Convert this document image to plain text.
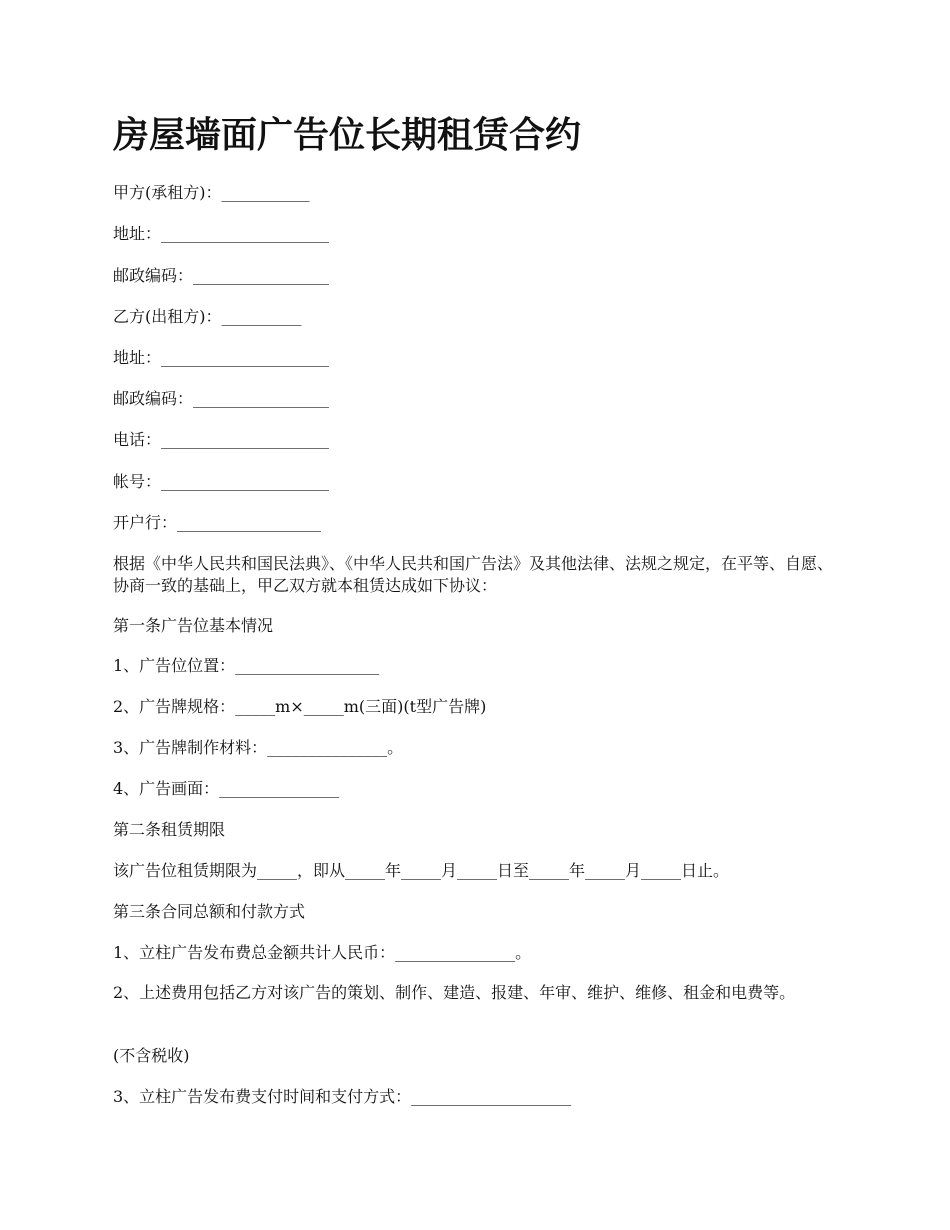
房屋墙面广告位长期租赁合约

甲方(承租方)：___________

地址：_____________________

邮政编码：_________________

乙方(出租方)：__________

地址：_____________________

邮政编码：_________________

电话：_____________________

帐号：_____________________

开户行：__________________

根据《中华人民共和国民法典》、《中华人民共和国广告法》及其他法律、法规之规定，在平等、自愿、协商一致的基础上，甲乙双方就本租赁达成如下协议：

第一条广告位基本情况

1、广告位位置：__________________

2、广告牌规格：_____m×_____m(三面)(t型广告牌)

3、广告牌制作材料：_______________。

4、广告画面：_______________

第二条租赁期限

该广告位租赁期限为_____，即从_____年_____月_____日至_____年_____月_____日止。

第三条合同总额和付款方式

1、立柱广告发布费总金额共计人民币：_______________。

2、上述费用包括乙方对该广告的策划、制作、建造、报建、年审、维护、维修、租金和电费等。

(不含税收)

3、立柱广告发布费支付时间和支付方式：____________________
